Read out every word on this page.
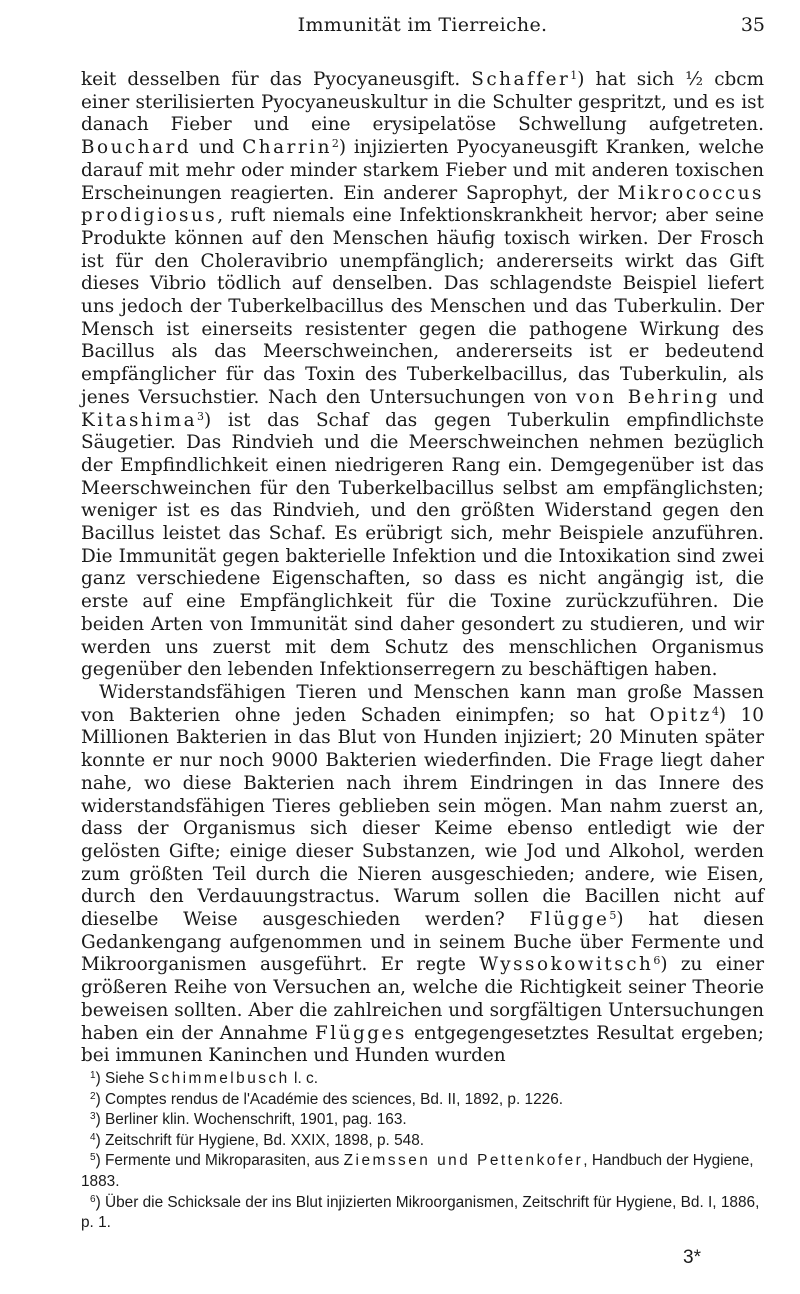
Immunität im Tierreiche.	35

keit desselben für das Pyocyaneusgift. Schaffer$^1$) hat sich ½ cbcm einer sterilisierten Pyocyaneuskultur in die Schulter gespritzt, und es ist danach Fieber und eine erysipelatöse Schwellung aufgetreten. Bouchard und Charrin$^2$) injizierten Pyocyaneusgift Kranken, welche darauf mit mehr oder minder starkem Fieber und mit anderen toxischen Erscheinungen reagierten. Ein anderer Saprophyt, der Mikrococcus prodigiosus, ruft niemals eine Infektionskrankheit hervor; aber seine Produkte können auf den Menschen häufig toxisch wirken. Der Frosch ist für den Choleravibrio unempfänglich; andererseits wirkt das Gift dieses Vibrio tödlich auf denselben. Das schlagendste Beispiel liefert uns jedoch der Tuberkelbacillus des Menschen und das Tuberkulin. Der Mensch ist einerseits resistenter gegen die pathogene Wirkung des Bacillus als das Meerschweinchen, andererseits ist er bedeutend empfänglicher für das Toxin des Tuberkelbacillus, das Tuberkulin, als jenes Versuchstier. Nach den Untersuchungen von von Behring und Kitashima$^3$) ist das Schaf das gegen Tuberkulin empfindlichste Säugetier. Das Rindvieh und die Meerschweinchen nehmen bezüglich der Empfindlichkeit einen niedrigeren Rang ein. Demgegenüber ist das Meerschweinchen für den Tuberkelbacillus selbst am empfänglichsten; weniger ist es das Rindvieh, und den größten Widerstand gegen den Bacillus leistet das Schaf. Es erübrigt sich, mehr Beispiele anzuführen. Die Immunität gegen bakterielle Infektion und die Intoxikation sind zwei ganz verschiedene Eigenschaften, so dass es nicht angängig ist, die erste auf eine Empfänglichkeit für die Toxine zurückzuführen. Die beiden Arten von Immunität sind daher gesondert zu studieren, und wir werden uns zuerst mit dem Schutz des menschlichen Organismus gegenüber den lebenden Infektionserregern zu beschäftigen haben.

Widerstandsfähigen Tieren und Menschen kann man große Massen von Bakterien ohne jeden Schaden einimpfen; so hat Opitz$^4$) 10 Millionen Bakterien in das Blut von Hunden injiziert; 20 Minuten später konnte er nur noch 9000 Bakterien wiederfinden. Die Frage liegt daher nahe, wo diese Bakterien nach ihrem Eindringen in das Innere des widerstandsfähigen Tieres geblieben sein mögen. Man nahm zuerst an, dass der Organismus sich dieser Keime ebenso entledigt wie der gelösten Gifte; einige dieser Substanzen, wie Jod und Alkohol, werden zum größten Teil durch die Nieren ausgeschieden; andere, wie Eisen, durch den Verdauungstractus. Warum sollen die Bacillen nicht auf dieselbe Weise ausgeschieden werden? Flügge$^5$) hat diesen Gedankengang aufgenommen und in seinem Buche über Fermente und Mikroorganismen ausgeführt. Er regte Wyssokowitsch$^6$) zu einer größeren Reihe von Versuchen an, welche die Richtigkeit seiner Theorie beweisen sollten. Aber die zahlreichen und sorgfältigen Untersuchungen haben ein der Annahme Flügges entgegengesetztes Resultat ergeben; bei immunen Kaninchen und Hunden wurden

$^1$) Siehe Schimmelbusch l. c.
$^2$) Comptes rendus de l'Académie des sciences, Bd. II, 1892, p. 1226.
$^3$) Berliner klin. Wochenschrift, 1901, pag. 163.
$^4$) Zeitschrift für Hygiene, Bd. XXIX, 1898, p. 548.
$^5$) Fermente und Mikroparasiten, aus Ziemssen und Pettenkofer, Handbuch der Hygiene, 1883.
$^6$) Über die Schicksale der ins Blut injizierten Mikroorganismen, Zeitschrift für Hygiene, Bd. I, 1886, p. 1.
3*
